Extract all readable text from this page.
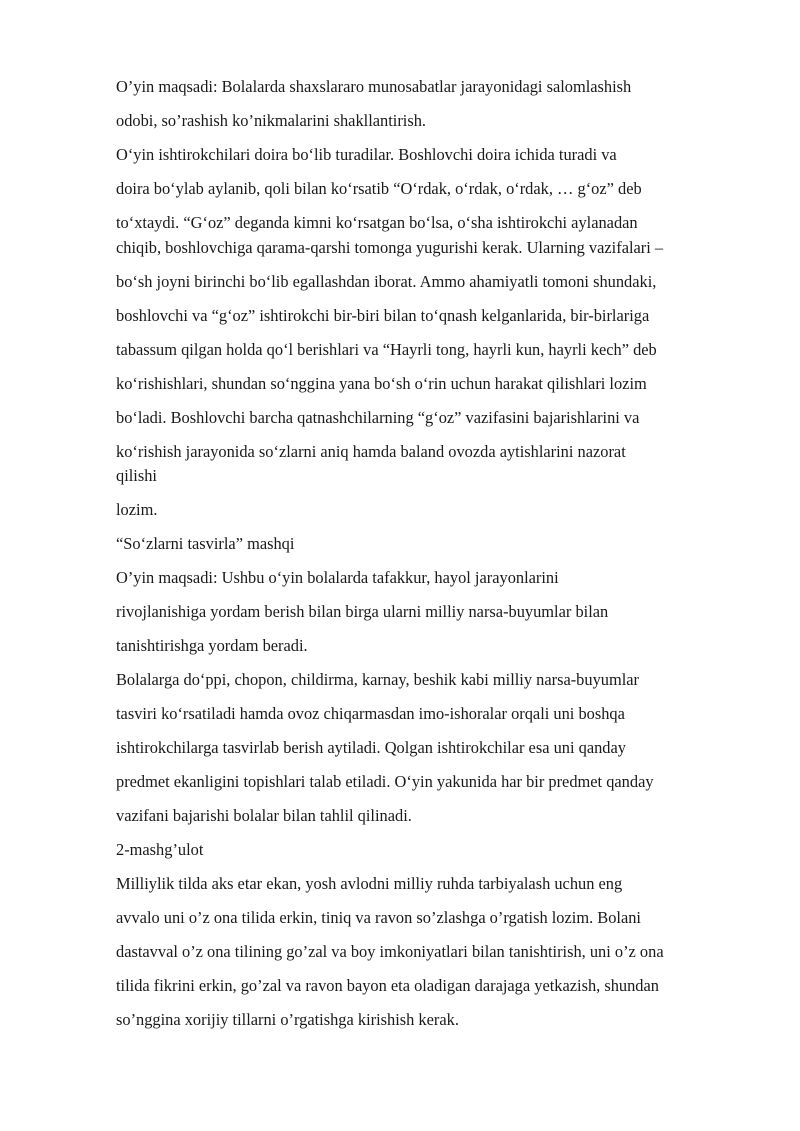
O’yin maqsadi: Bolalarda shaxslararo munosabatlar jarayonidagi salomlashish
odobi, so’rashish ko’nikmalarini shakllantirish.
O‘yin ishtirokchilari doira bo‘lib turadilar. Boshlovchi doira ichida turadi va
doira bo‘ylab aylanib, qoli bilan ko‘rsatib “O‘rdak, o‘rdak, o‘rdak, … g‘oz” deb
to‘xtaydi. “G‘oz” deganda kimni ko‘rsatgan bo‘lsa, o‘sha ishtirokchi aylanadan
chiqib, boshlovchiga qarama-qarshi tomonga yugurishi kerak. Ularning vazifalari –
bo‘sh joyni birinchi bo‘lib egallashdan iborat. Ammo ahamiyatli tomoni shundaki,
boshlovchi va “g‘oz” ishtirokchi bir-biri bilan to‘qnash kelganlarida, bir-birlariga
tabassum qilgan holda qo‘l berishlari va “Hayrli tong, hayrli kun, hayrli kech” deb
ko‘rishishlari, shundan so‘nggina yana bo‘sh o‘rin uchun harakat qilishlari lozim
bo‘ladi. Boshlovchi barcha qatnashchilarning “g‘oz” vazifasini bajarishlarini va
ko‘rishish jarayonida so‘zlarni aniq hamda baland ovozda aytishlarini nazorat
qilishi
lozim.
“So‘zlarni tasvirla” mashqi
O’yin maqsadi: Ushbu o‘yin bolalarda tafakkur, hayol jarayonlarini
rivojlanishiga yordam berish bilan birga ularni milliy narsa-buyumlar bilan
tanishtirishga yordam beradi.
Bolalarga do‘ppi, chopon, childirma, karnay, beshik kabi milliy narsa-buyumlar
tasviri ko‘rsatiladi hamda ovoz chiqarmasdan imo-ishoralar orqali uni boshqa
ishtirokchilarga tasvirlab berish aytiladi. Qolgan ishtirokchilar esa uni qanday
predmet ekanligini topishlari talab etiladi. O‘yin yakunida har bir predmet qanday
vazifani bajarishi bolalar bilan tahlil qilinadi.
2-mashg’ulot
Milliylik tilda aks etar ekan, yosh avlodni milliy ruhda tarbiyalash uchun eng
avvalo uni o’z ona tilida erkin, tiniq va ravon so’zlashga o’rgatish lozim. Bolani
dastavval o’z ona tilining go’zal va boy imkoniyatlari bilan tanishtirish, uni o’z ona
tilida fikrini erkin, go’zal va ravon bayon eta oladigan darajaga yetkazish, shundan
so’nggina xorijiy tillarni o’rgatishga kirishish kerak.
